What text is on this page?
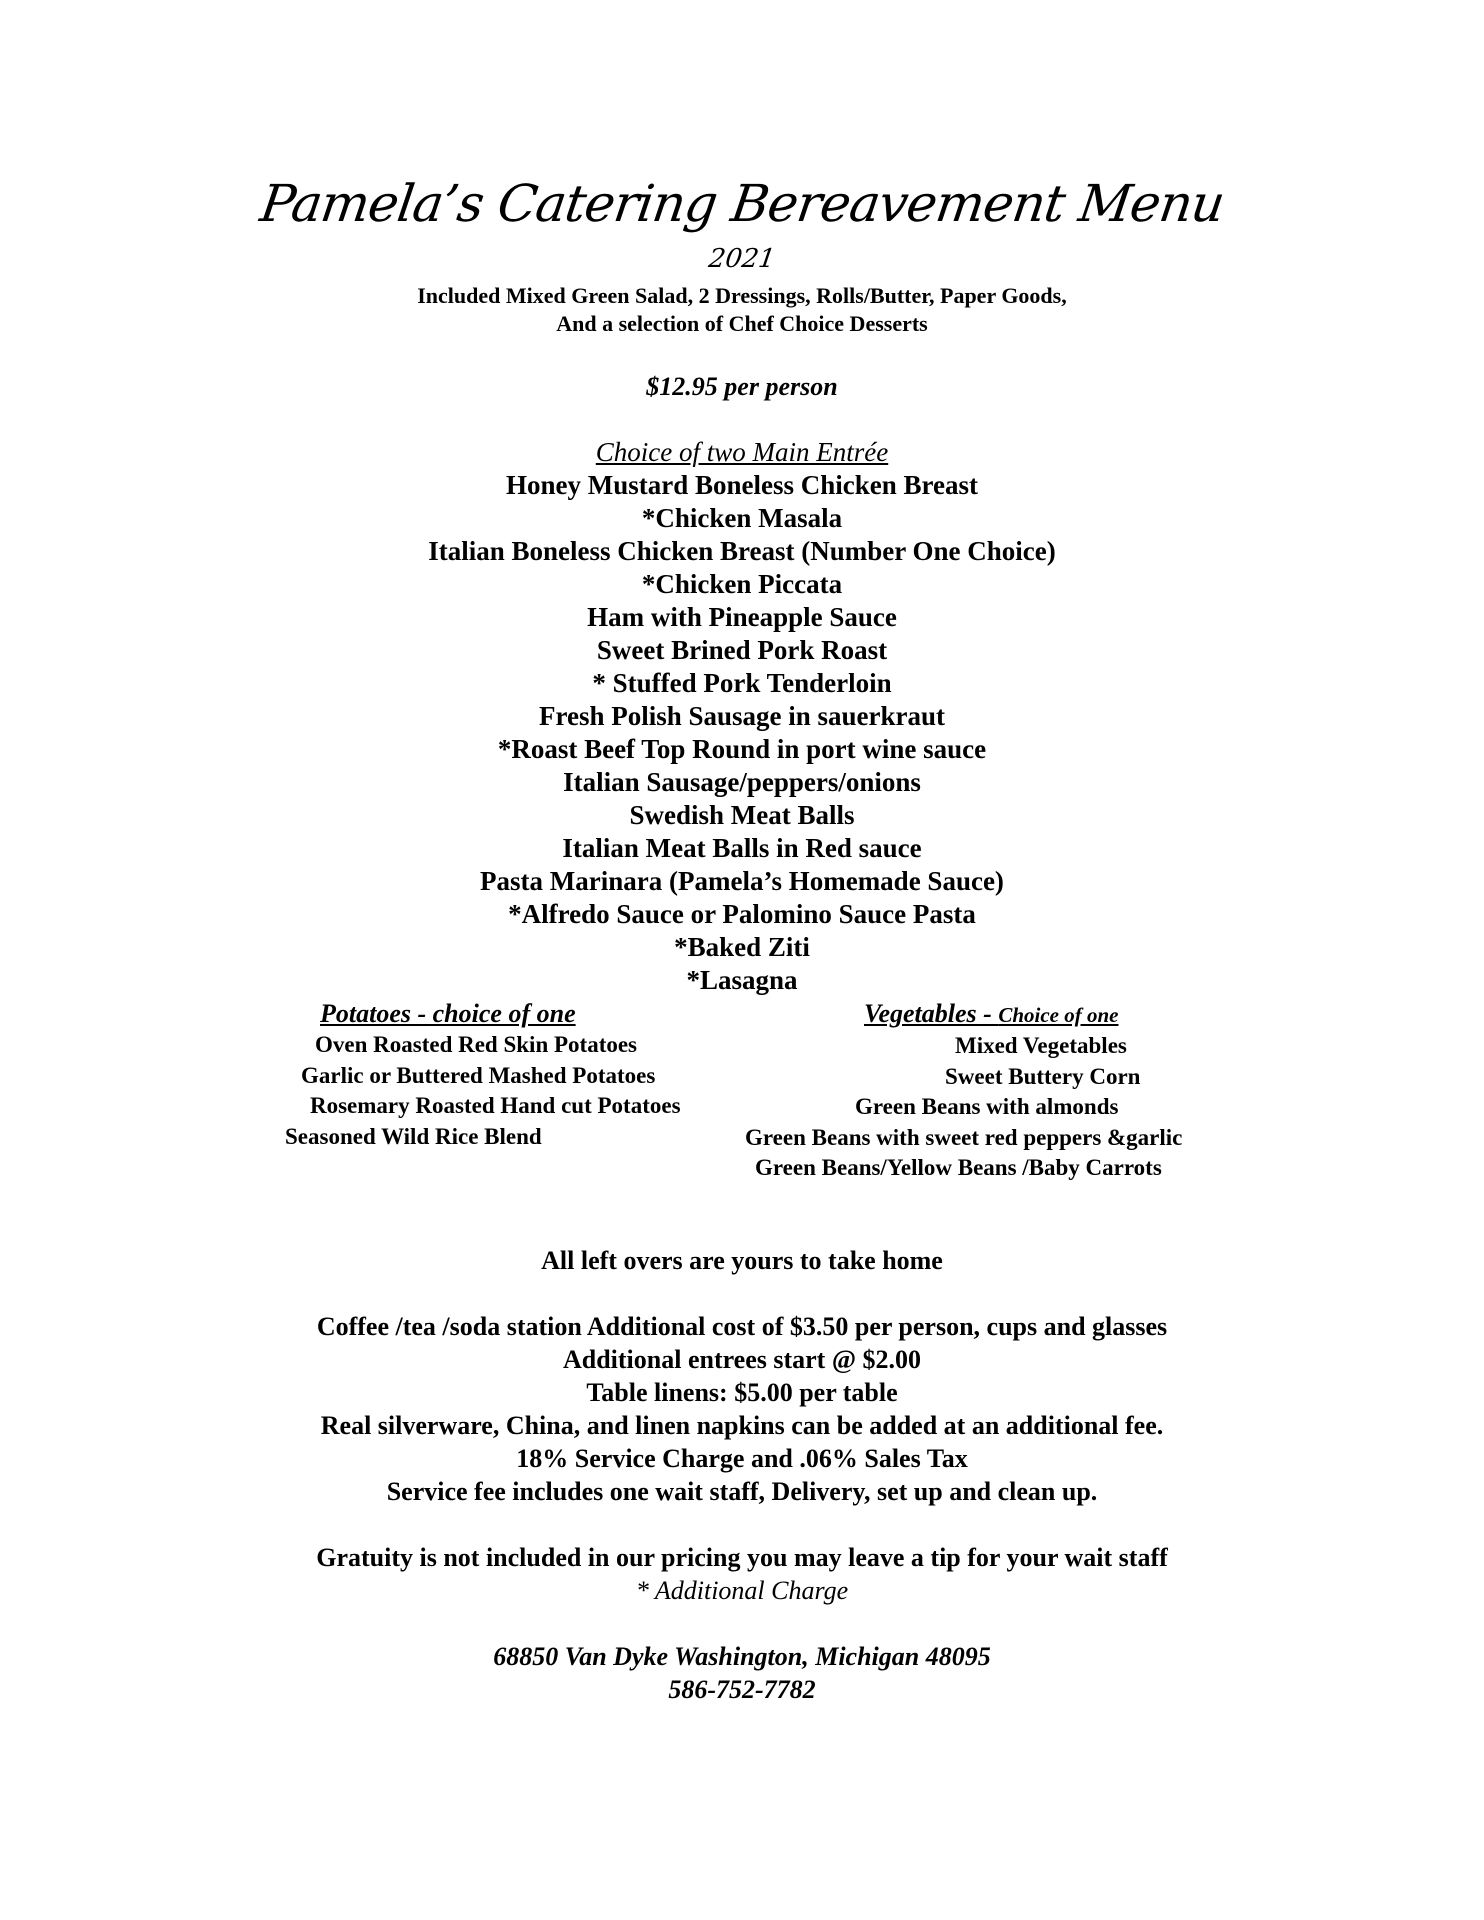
Pamela’s Catering Bereavement Menu
2021
Included Mixed Green Salad, 2 Dressings, Rolls/Butter, Paper Goods,
And a selection of Chef Choice Desserts
$12.95 per person
Choice of two Main Entrée
Honey Mustard Boneless Chicken Breast
*Chicken Masala
Italian Boneless Chicken Breast (Number One Choice)
*Chicken Piccata
Ham with Pineapple Sauce
Sweet Brined Pork Roast
* Stuffed Pork Tenderloin
Fresh Polish Sausage in sauerkraut
*Roast Beef Top Round in port wine sauce
Italian Sausage/peppers/onions
Swedish Meat Balls
Italian Meat Balls in Red sauce
Pasta Marinara (Pamela’s Homemade Sauce)
*Alfredo Sauce or Palomino Sauce Pasta
*Baked Ziti
*Lasagna
Potatoes - choice of one
Oven Roasted Red Skin Potatoes
Garlic or Buttered Mashed Potatoes
Rosemary Roasted Hand cut Potatoes
Seasoned Wild Rice Blend
Vegetables - Choice of one
Mixed Vegetables
Sweet Buttery Corn
Green Beans with almonds
Green Beans with sweet red peppers &garlic
Green Beans/Yellow Beans /Baby Carrots
All left overs are yours to take home
Coffee /tea /soda station Additional cost of $3.50 per person, cups and glasses
Additional entrees start @ $2.00
Table linens: $5.00 per table
Real silverware, China, and linen napkins can be added at an additional fee.
18% Service Charge and .06% Sales Tax
Service fee includes one wait staff, Delivery, set up and clean up.
Gratuity is not included in our pricing you may leave a tip for your wait staff
* Additional Charge
68850 Van Dyke Washington, Michigan 48095
586-752-7782
